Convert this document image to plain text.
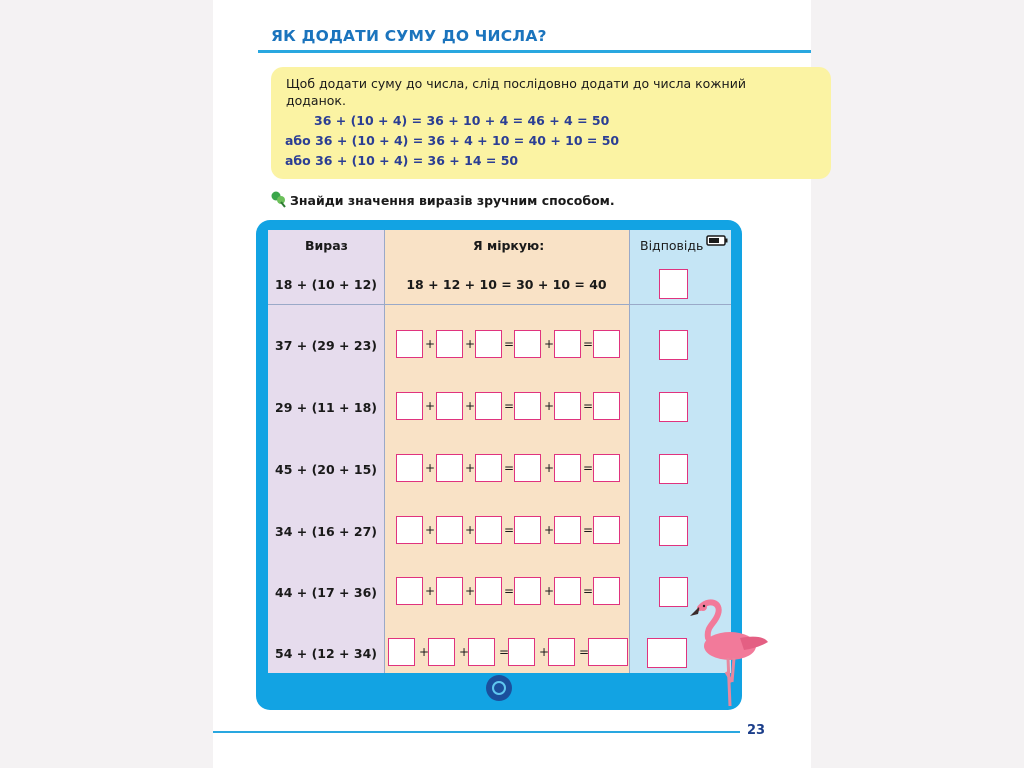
ЯК ДОДАТИ СУМУ ДО ЧИСЛА?
Щоб додати суму до числа, слід послідовно додати до числа кожний доданок.
36 + (10 + 4) = 36 + 10 + 4 = 46 + 4 = 50
або 36 + (10 + 4) = 36 + 4 + 10 = 40 + 10 = 50
або 36 + (10 + 4) = 36 + 14 = 50
Знайди значення виразів зручним способом.
Вираз	Я міркую:	Відповідь
18 + (10 + 12)	18 + 12 + 10 = 30 + 10 = 40
37 + (29 + 23)	+ + = + =
29 + (11 + 18)	+ + = + =
45 + (20 + 15)	+ + = + =
34 + (16 + 27)	+ + = + =
44 + (17 + 36)	+ + = + =
54 + (12 + 34)	+ + = + =
23
